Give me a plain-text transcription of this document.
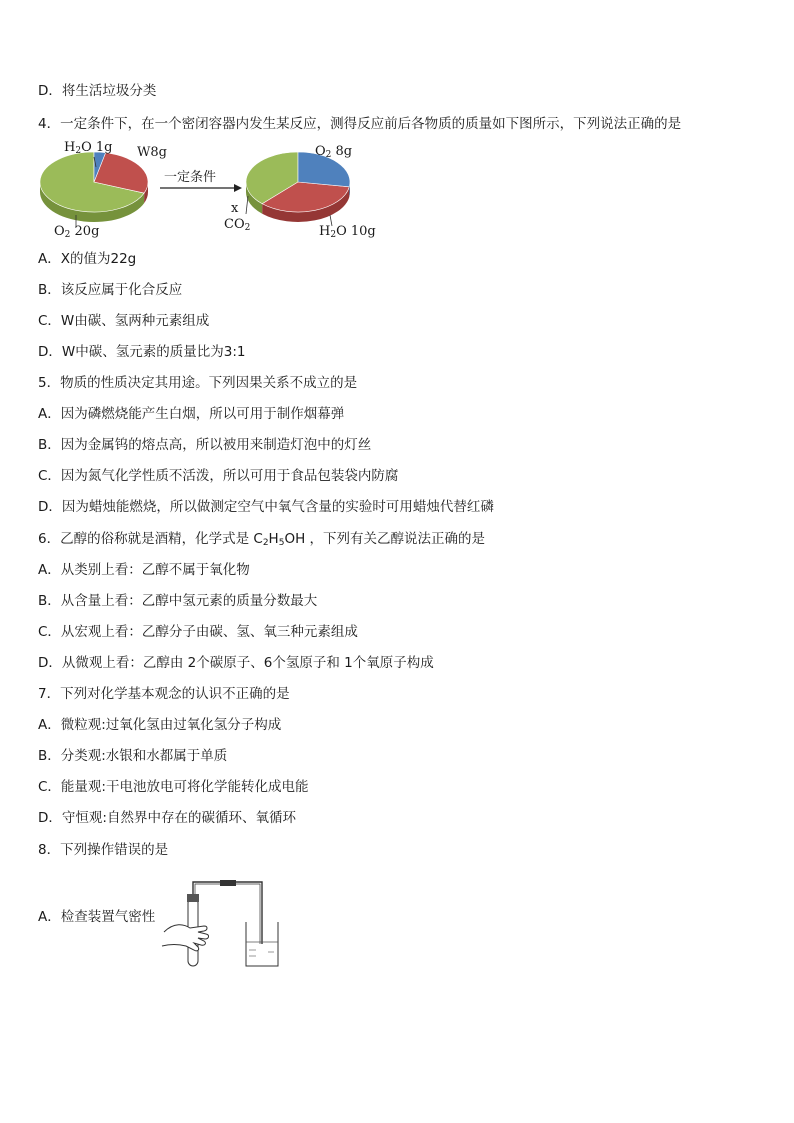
D．将生活垃圾分类
4．一定条件下，在一个密闭容器内发生某反应，测得反应前后各物质的质量如下图所示，下列说法正确的是
$H_2O$ 1g W8g
$O_2$ 20g
一定条件
$O_2$ 8g
x
$CO_2$	$H_2O$ 10g
A．X的值为22g
B．该反应属于化合反应
C．W由碳、氢两种元素组成
D．W中碳、氢元素的质量比为3:1
5．物质的性质决定其用途。下列因果关系不成立的是
A．因为磷燃烧能产生白烟，所以可用于制作烟幕弹
B．因为金属钨的熔点高，所以被用来制造灯泡中的灯丝
C．因为氮气化学性质不活泼，所以可用于食品包装袋内防腐
D．因为蜡烛能燃烧，所以做测定空气中氧气含量的实验时可用蜡烛代替红磷
6．乙醇的俗称就是酒精，化学式是 $C_2H_5OH$ ，下列有关乙醇说法正确的是
A．从类别上看：乙醇不属于氧化物
B．从含量上看：乙醇中氢元素的质量分数最大
C．从宏观上看：乙醇分子由碳、氢、氧三种元素组成
D．从微观上看：乙醇由 2个碳原子、6个氢原子和 1个氧原子构成
7．下列对化学基本观念的认识不正确的是
A．微粒观:过氧化氢由过氧化氢分子构成
B．分类观:水银和水都属于单质
C．能量观:干电池放电可将化学能转化成电能
D．守恒观:自然界中存在的碳循环、氧循环
8．下列操作错误的是
A．检查装置气密性
